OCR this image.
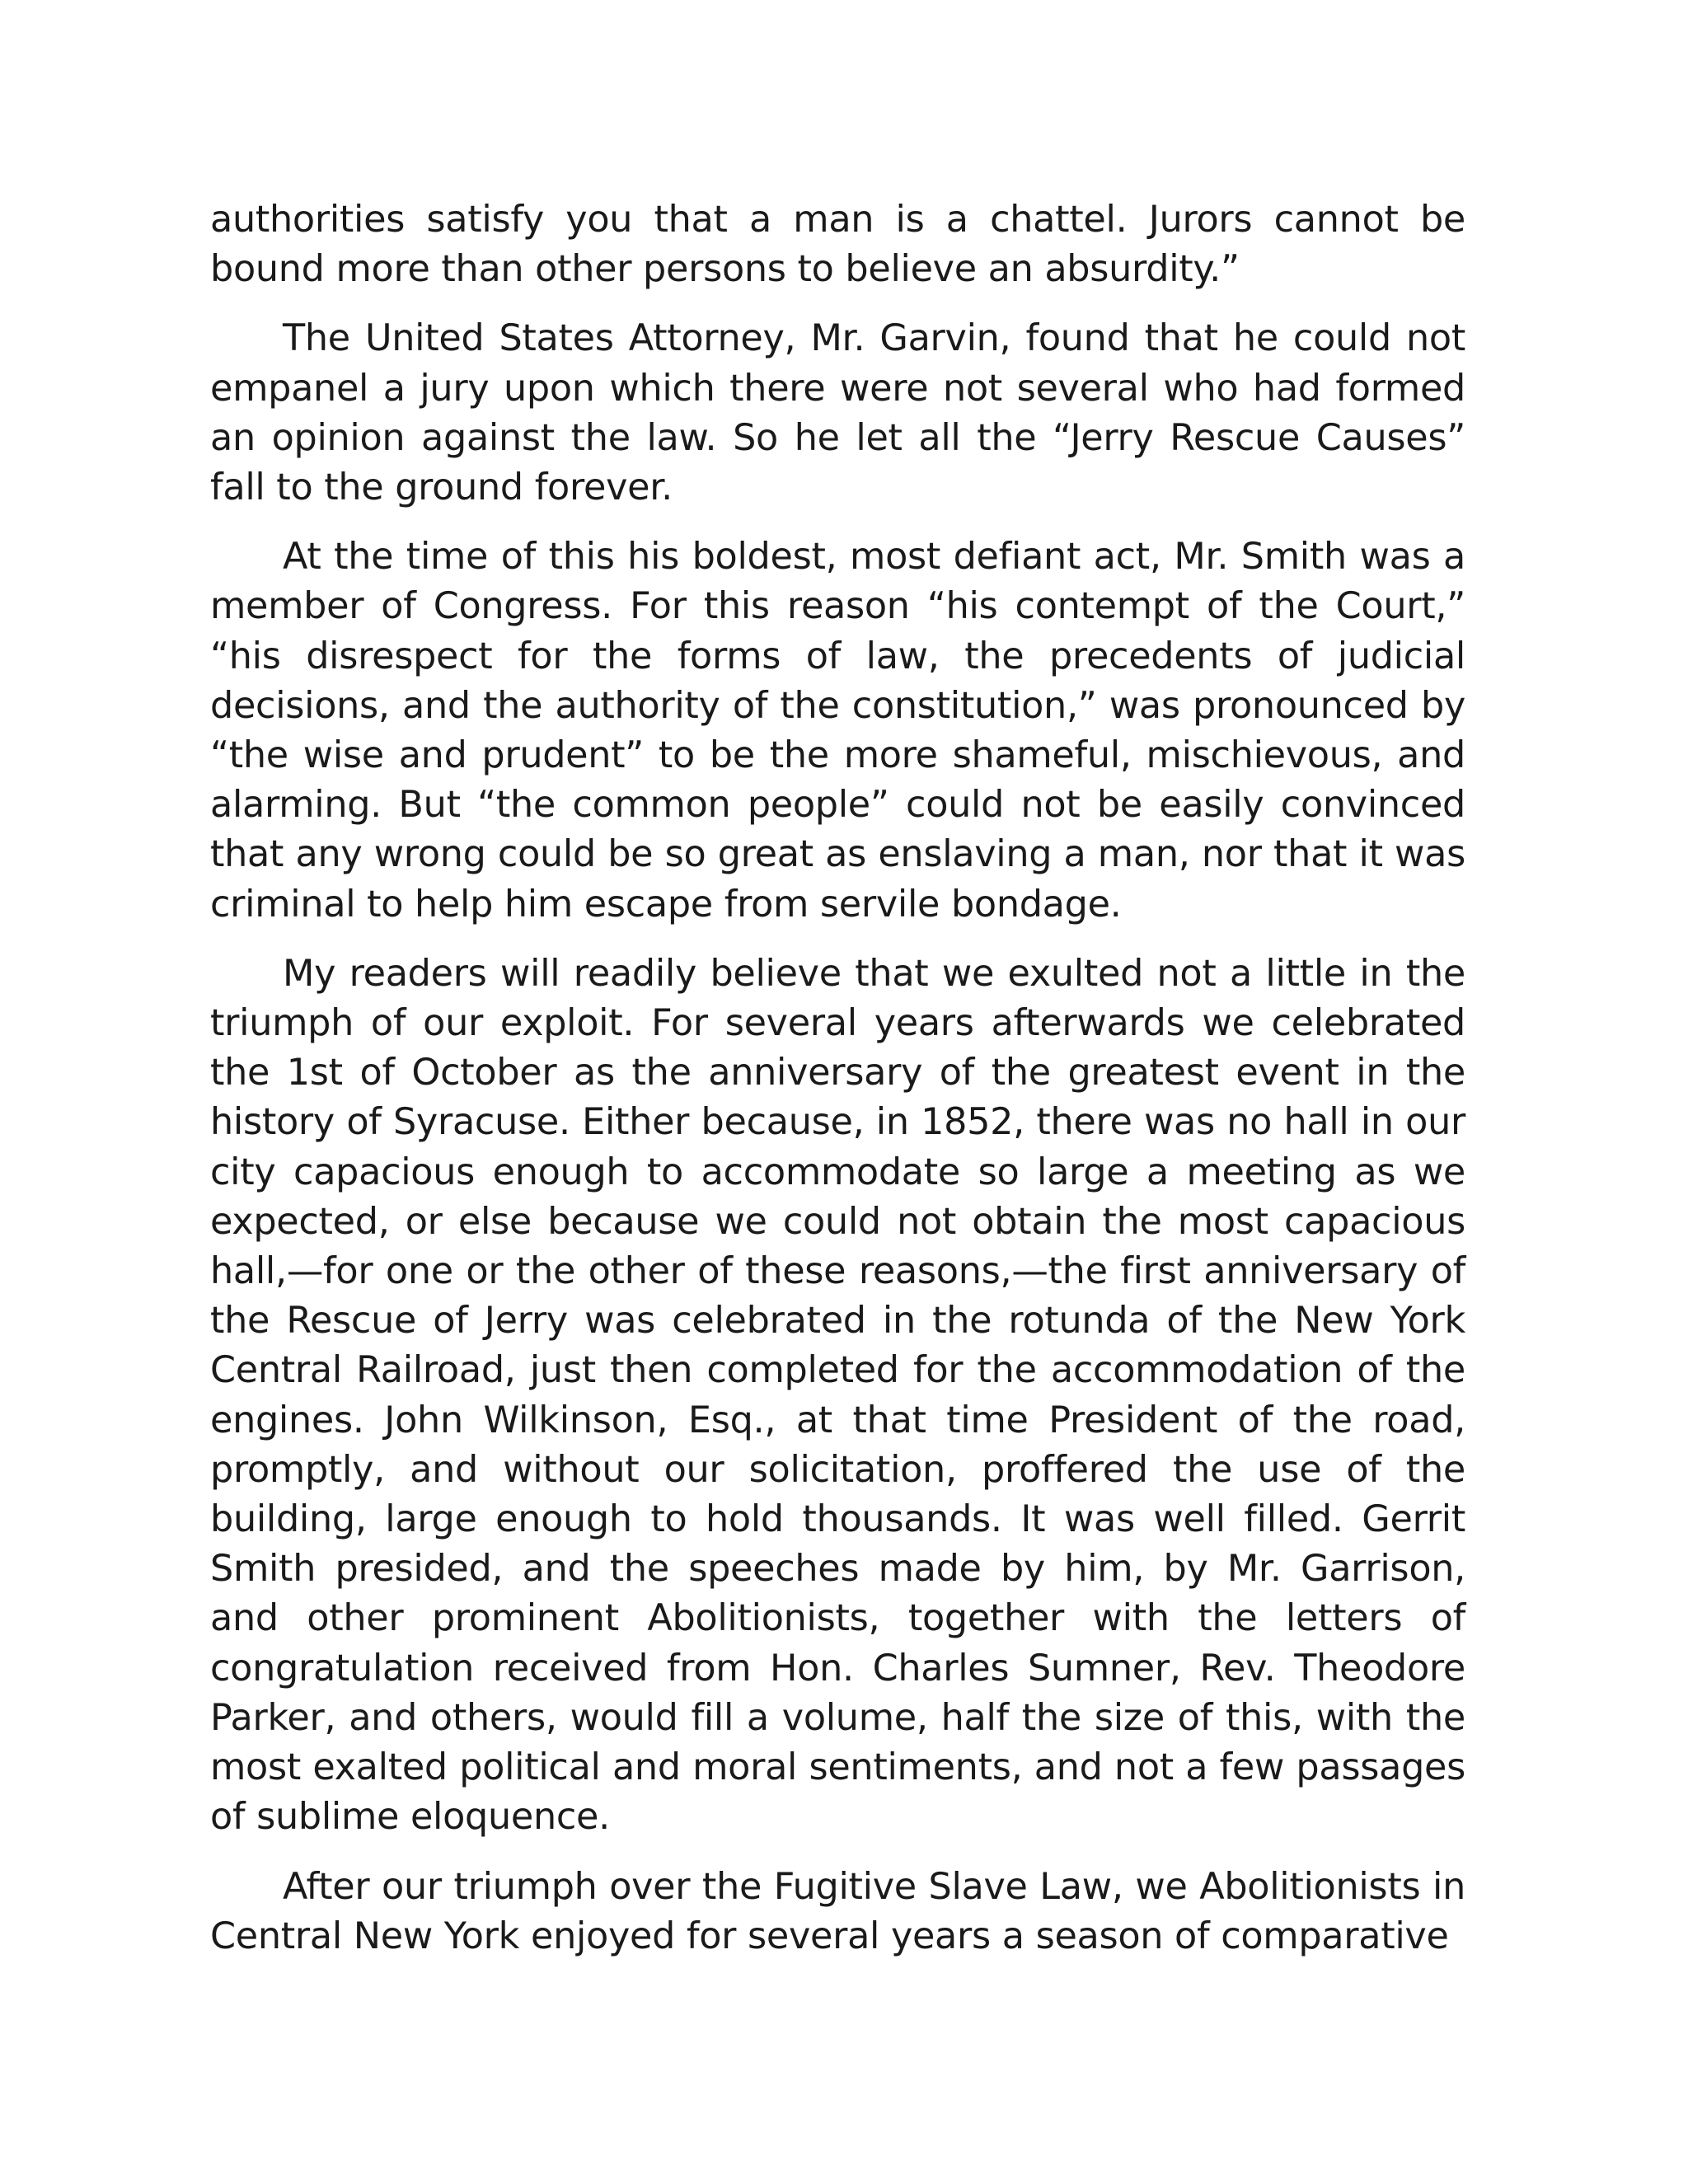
authorities satisfy you that a man is a chattel. Jurors cannot be bound more than other persons to believe an absurdity.”

The United States Attorney, Mr. Garvin, found that he could not empanel a jury upon which there were not several who had formed an opinion against the law. So he let all the “Jerry Rescue Causes” fall to the ground forever.

At the time of this his boldest, most defiant act, Mr. Smith was a member of Congress. For this reason “his contempt of the Court,” “his disrespect for the forms of law, the precedents of judicial decisions, and the authority of the constitution,” was pronounced by “the wise and prudent” to be the more shameful, mischievous, and alarming. But “the common people” could not be easily convinced that any wrong could be so great as enslaving a man, nor that it was criminal to help him escape from servile bondage.

My readers will readily believe that we exulted not a little in the triumph of our exploit. For several years afterwards we celebrated the 1st of October as the anniversary of the greatest event in the history of Syracuse. Either because, in 1852, there was no hall in our city capacious enough to accommodate so large a meeting as we expected, or else because we could not obtain the most capacious hall,—for one or the other of these reasons,—the first anniversary of the Rescue of Jerry was celebrated in the rotunda of the New York Central Railroad, just then completed for the accommodation of the engines. John Wilkinson, Esq., at that time President of the road, promptly, and without our solicitation, proffered the use of the building, large enough to hold thousands. It was well filled. Gerrit Smith presided, and the speeches made by him, by Mr. Garrison, and other prominent Abolitionists, together with the letters of congratulation received from Hon. Charles Sumner, Rev. Theodore Parker, and others, would fill a volume, half the size of this, with the most exalted political and moral sentiments, and not a few passages of sublime eloquence.

After our triumph over the Fugitive Slave Law, we Abolitionists in Central New York enjoyed for several years a season of comparative
